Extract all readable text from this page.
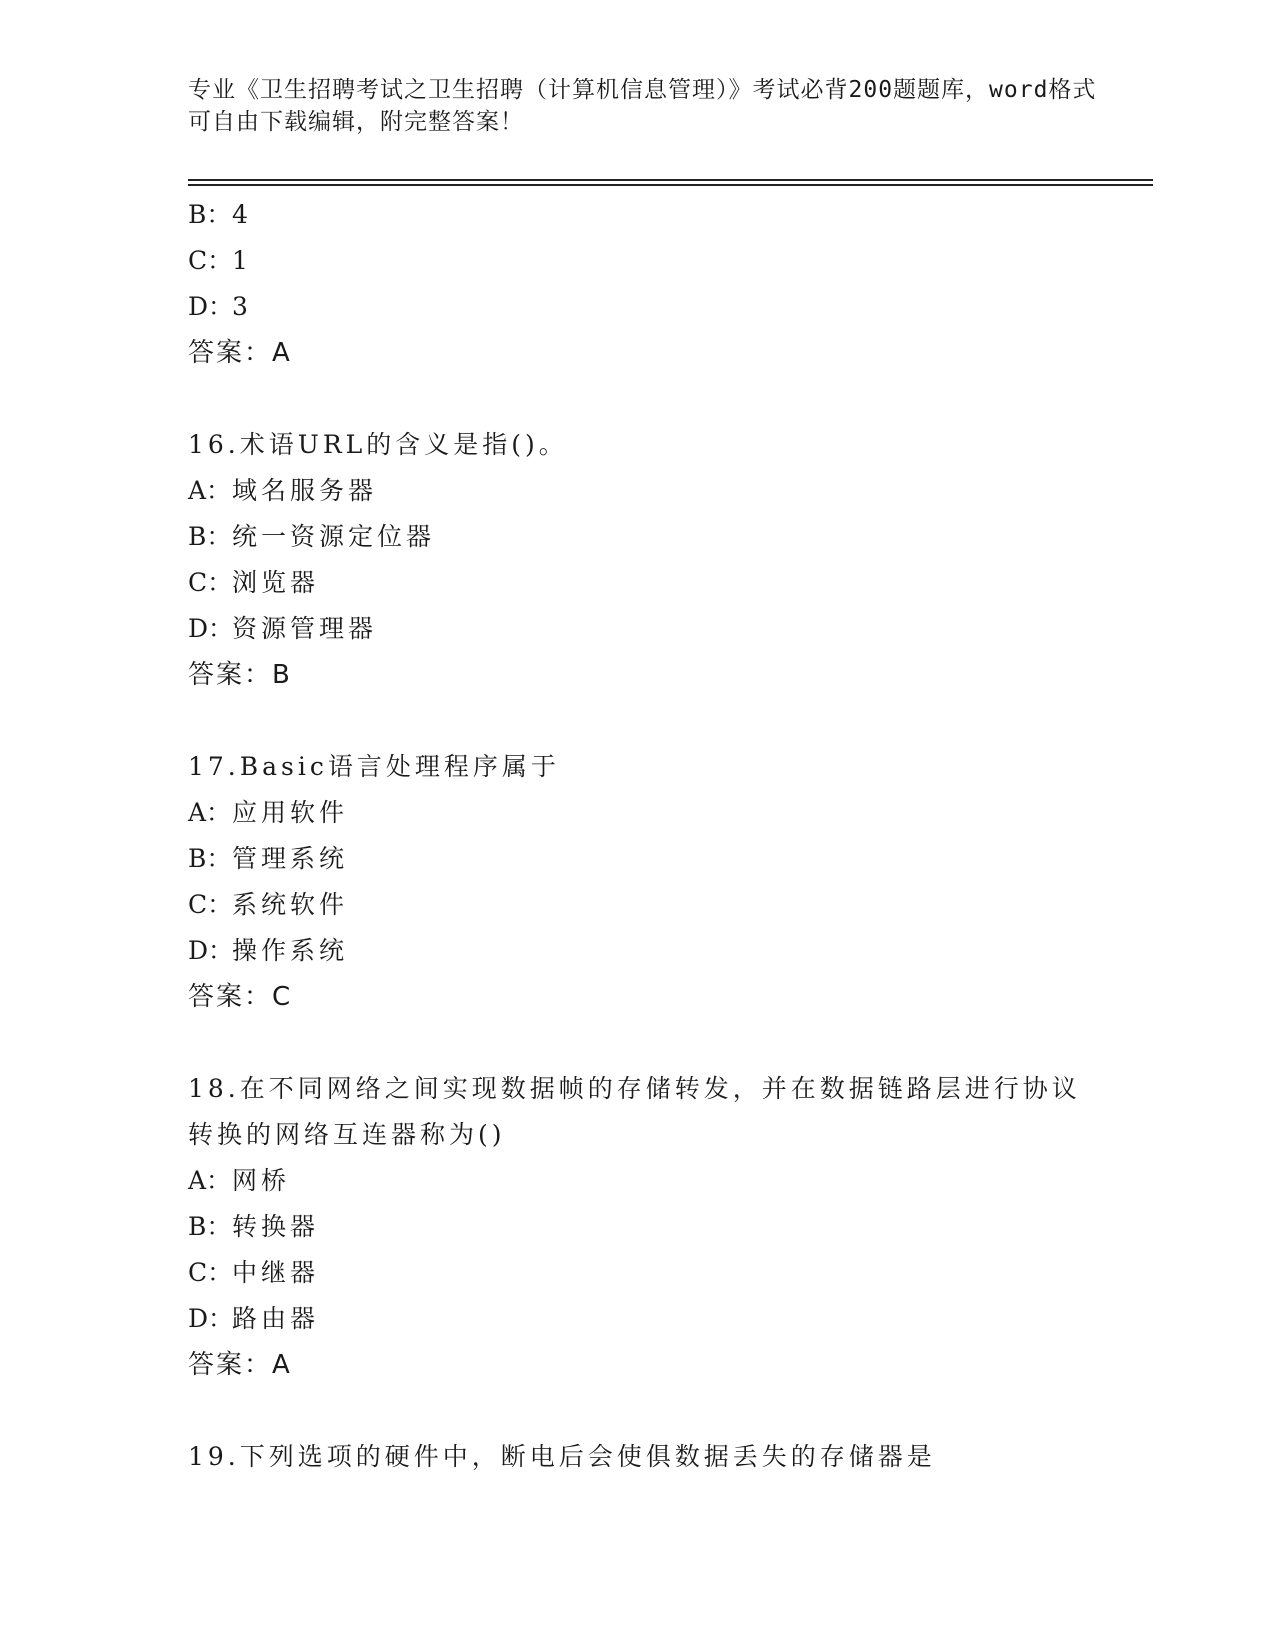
专业《卫生招聘考试之卫生招聘（计算机信息管理）》考试必背200题题库，word格式可自由下载编辑，附完整答案！
B：4
C：1
D：3
答案：A
16.术语URL的含义是指()。
A：域名服务器
B：统一资源定位器
C：浏览器
D：资源管理器
答案：B
17.Basic语言处理程序属于
A：应用软件
B：管理系统
C：系统软件
D：操作系统
答案：C
18.在不同网络之间实现数据帧的存储转发，并在数据链路层进行协议转换的网络互连器称为()
A：网桥
B：转换器
C：中继器
D：路由器
答案：A
19.下列选项的硬件中，断电后会使俱数据丢失的存储器是
